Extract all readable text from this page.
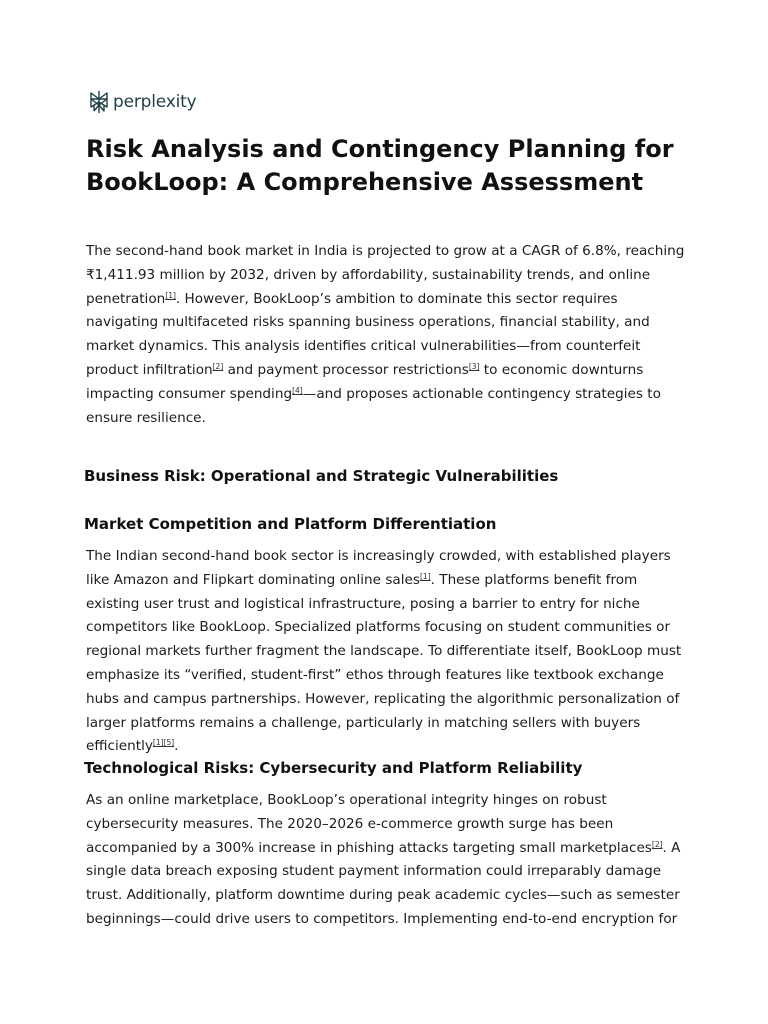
perplexity
Risk Analysis and Contingency Planning for BookLoop: A Comprehensive Assessment

The second-hand book market in India is projected to grow at a CAGR of 6.8%, reaching ₹1,411.93 million by 2032, driven by affordability, sustainability trends, and online penetration[1]. However, BookLoop’s ambition to dominate this sector requires navigating multifaceted risks spanning business operations, financial stability, and market dynamics. This analysis identifies critical vulnerabilities—from counterfeit product infiltration[2] and payment processor restrictions[3] to economic downturns impacting consumer spending[4]—and proposes actionable contingency strategies to ensure resilience.

Business Risk: Operational and Strategic Vulnerabilities
Market Competition and Platform Differentiation

The Indian second-hand book sector is increasingly crowded, with established players like Amazon and Flipkart dominating online sales[1]. These platforms benefit from existing user trust and logistical infrastructure, posing a barrier to entry for niche competitors like BookLoop. Specialized platforms focusing on student communities or regional markets further fragment the landscape. To differentiate itself, BookLoop must emphasize its “verified, student-first” ethos through features like textbook exchange hubs and campus partnerships. However, replicating the algorithmic personalization of larger platforms remains a challenge, particularly in matching sellers with buyers efficiently[1][5].

Technological Risks: Cybersecurity and Platform Reliability

As an online marketplace, BookLoop’s operational integrity hinges on robust cybersecurity measures. The 2020–2026 e-commerce growth surge has been accompanied by a 300% increase in phishing attacks targeting small marketplaces[2]. A single data breach exposing student payment information could irreparably damage trust. Additionally, platform downtime during peak academic cycles—such as semester beginnings—could drive users to competitors. Implementing end-to-end encryption for
